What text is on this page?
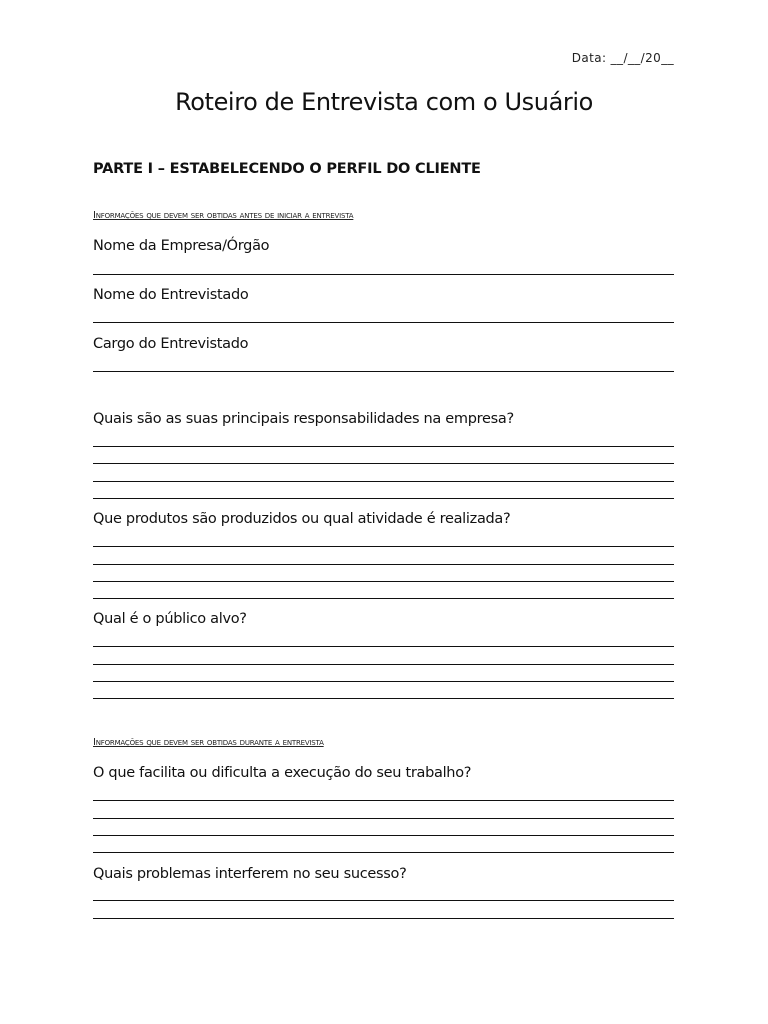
Data: __/__/20__
Roteiro de Entrevista com o Usuário
PARTE I – ESTABELECENDO O PERFIL DO CLIENTE
Informações que devem ser obtidas antes de iniciar a entrevista
Nome da Empresa/Órgão
Nome do Entrevistado
Cargo do Entrevistado
Quais são as suas principais responsabilidades na empresa?
Que produtos são produzidos ou qual atividade é realizada?
Qual é o público alvo?
Informações que devem ser obtidas durante a entrevista
O que facilita ou dificulta a execução do seu trabalho?
Quais problemas interferem no seu sucesso?
